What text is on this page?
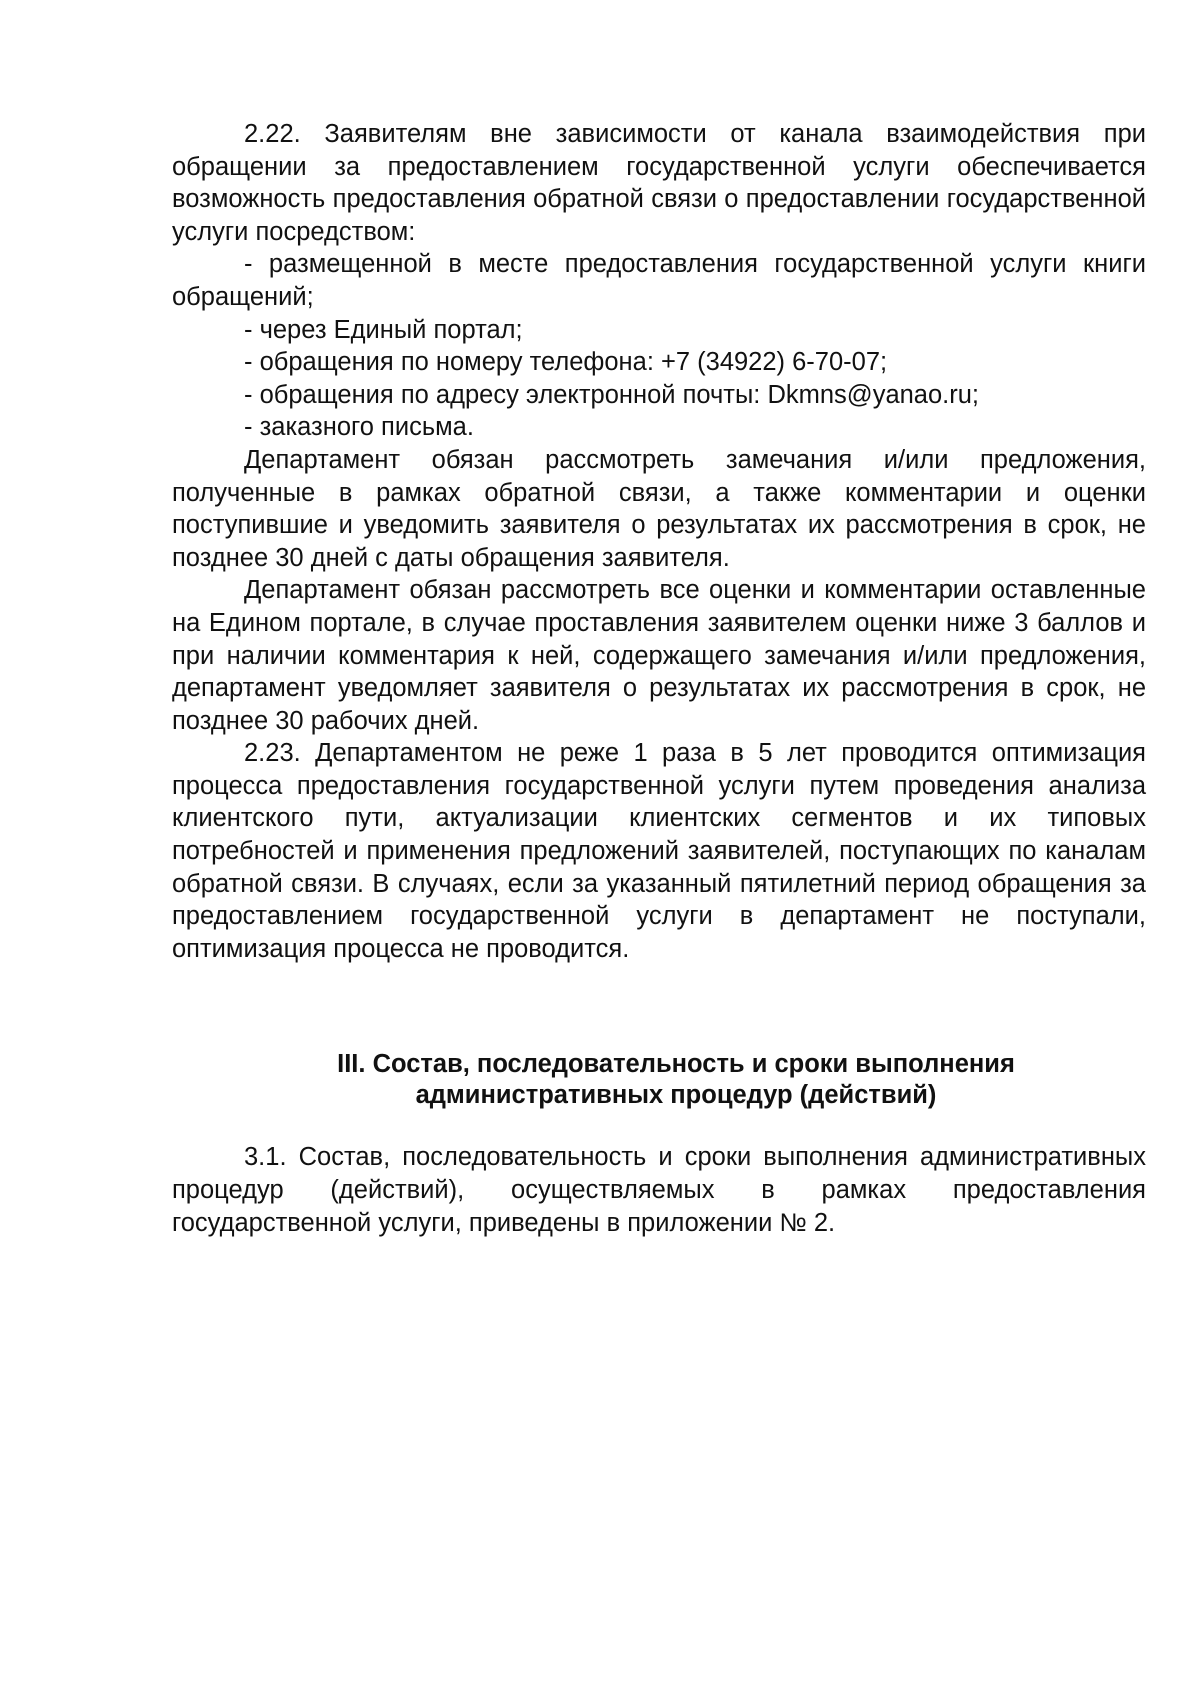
2.22. Заявителям вне зависимости от канала взаимодействия при обращении за предоставлением государственной услуги обеспечивается возможность предоставления обратной связи о предоставлении государственной услуги посредством:

- размещенной в месте предоставления государственной услуги книги обращений;

- через Единый портал;

- обращения по номеру телефона: +7 (34922) 6-70-07;

- обращения по адресу электронной почты: Dkmns@yanao.ru;

- заказного письма.

Департамент обязан рассмотреть замечания и/или предложения, полученные в рамках обратной связи, а также комментарии и оценки поступившие и уведомить заявителя о результатах их рассмотрения в срок, не позднее 30 дней с даты обращения заявителя.

Департамент обязан рассмотреть все оценки и комментарии оставленные на Едином портале, в случае проставления заявителем оценки ниже 3 баллов и при наличии комментария к ней, содержащего замечания и/или предложения, департамент уведомляет заявителя о результатах их рассмотрения в срок, не позднее 30 рабочих дней.

2.23. Департаментом не реже 1 раза в 5 лет проводится оптимизация процесса предоставления государственной услуги путем проведения анализа клиентского пути, актуализации клиентских сегментов и их типовых потребностей и применения предложений заявителей, поступающих по каналам обратной связи. В случаях, если за указанный пятилетний период обращения за предоставлением государственной услуги в департамент не поступали, оптимизация процесса не проводится.

III. Состав, последовательность и сроки выполнения
административных процедур (действий)

3.1. Состав, последовательность и сроки выполнения административных процедур (действий), осуществляемых в рамках предоставления государственной услуги, приведены в приложении № 2.
